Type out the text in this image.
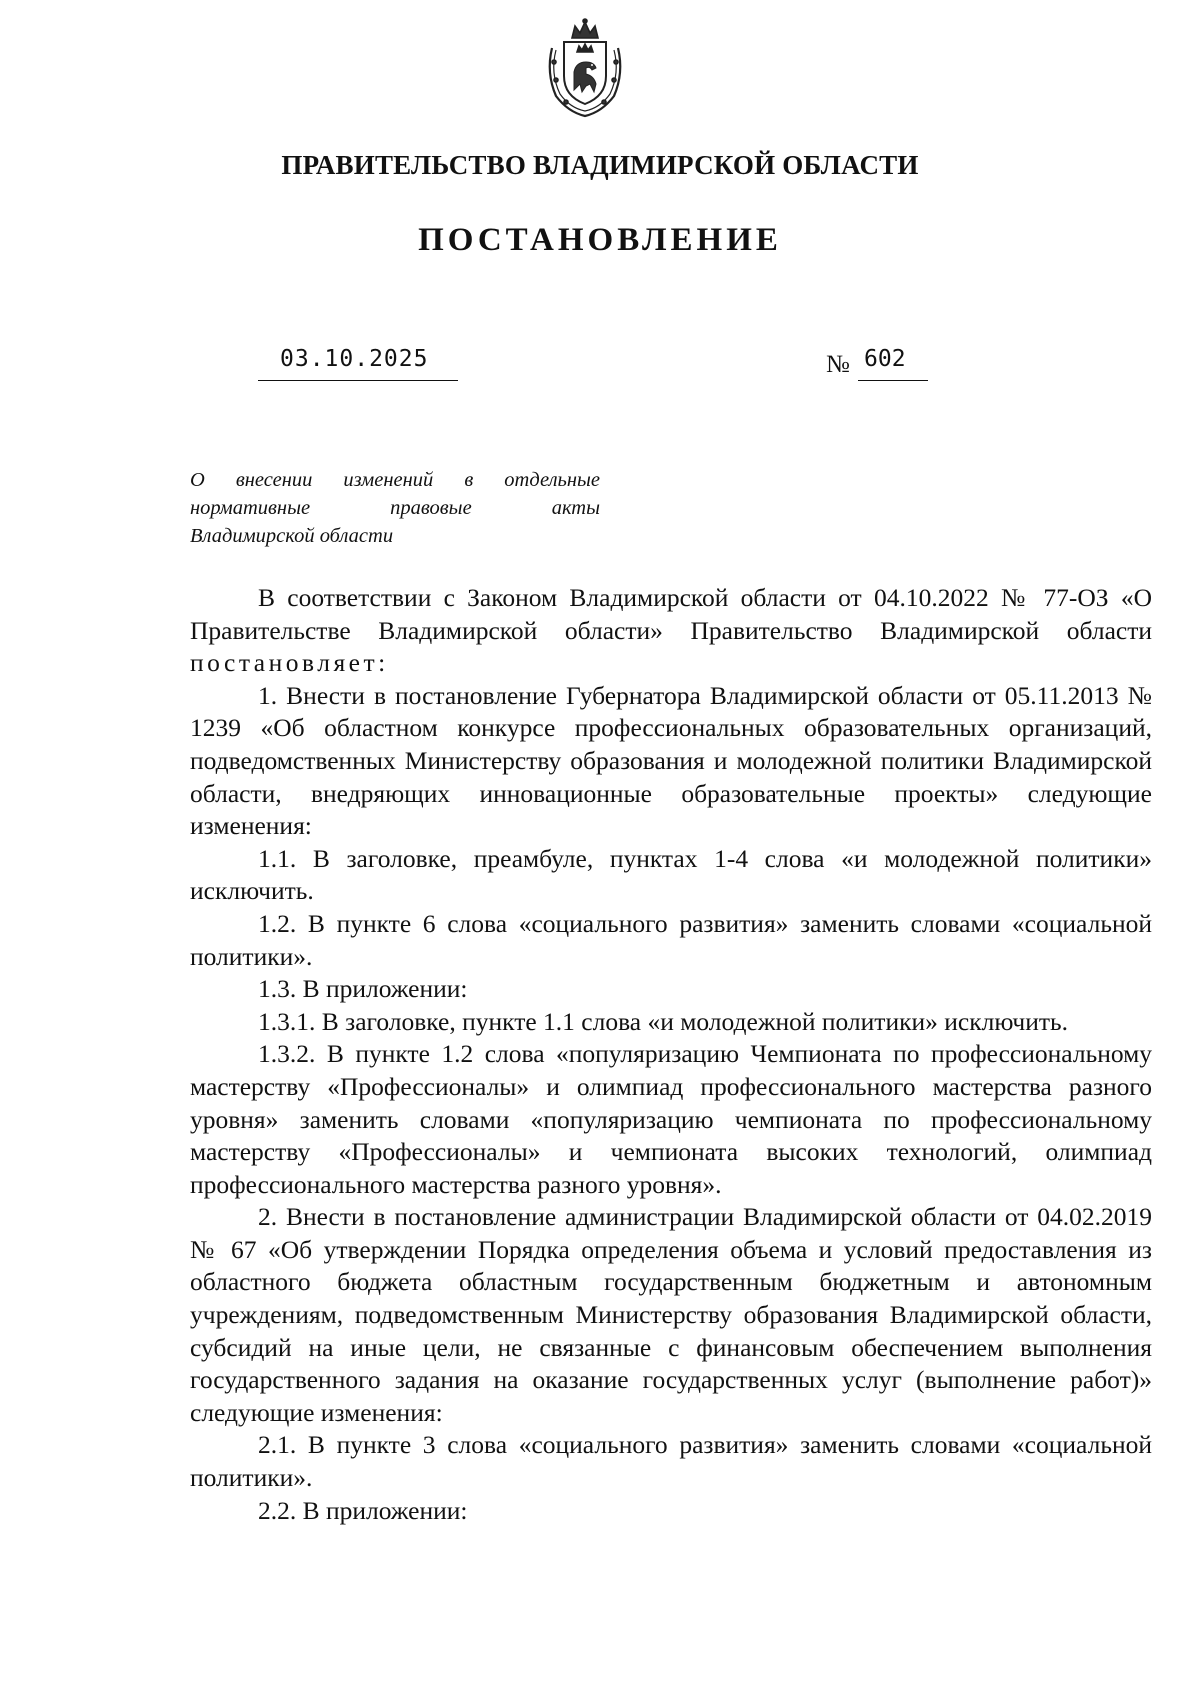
ПРАВИТЕЛЬСТВО ВЛАДИМИРСКОЙ ОБЛАСТИ
ПОСТАНОВЛЕНИЕ
03.10.2025	№ 602
О внесении изменений в отдельные
нормативные правовые акты
Владимирской области

В соответствии с Законом Владимирской области от 04.10.2022 № 77-ОЗ «О Правительстве Владимирской области» Правительство Владимирской области постановляет:

1. Внести в постановление Губернатора Владимирской области от 05.11.2013 № 1239 «Об областном конкурсе профессиональных образовательных организаций, подведомственных Министерству образования и молодежной политики Владимирской области, внедряющих инновационные образовательные проекты» следующие изменения:

1.1. В заголовке, преамбуле, пунктах 1-4 слова «и молодежной политики» исключить.

1.2. В пункте 6 слова «социального развития» заменить словами «социальной политики».

1.3. В приложении:

1.3.1. В заголовке, пункте 1.1 слова «и молодежной политики» исключить.

1.3.2. В пункте 1.2 слова «популяризацию Чемпионата по профессиональному мастерству «Профессионалы» и олимпиад профессионального мастерства разного уровня» заменить словами «популяризацию чемпионата по профессиональному мастерству «Профессионалы» и чемпионата высоких технологий, олимпиад профессионального мастерства разного уровня».

2. Внести в постановление администрации Владимирской области от 04.02.2019 № 67 «Об утверждении Порядка определения объема и условий предоставления из областного бюджета областным государственным бюджетным и автономным учреждениям, подведомственным Министерству образования Владимирской области, субсидий на иные цели, не связанные с финансовым обеспечением выполнения государственного задания на оказание государственных услуг (выполнение работ)» следующие изменения:

2.1. В пункте 3 слова «социального развития» заменить словами «социальной политики».

2.2. В приложении:
